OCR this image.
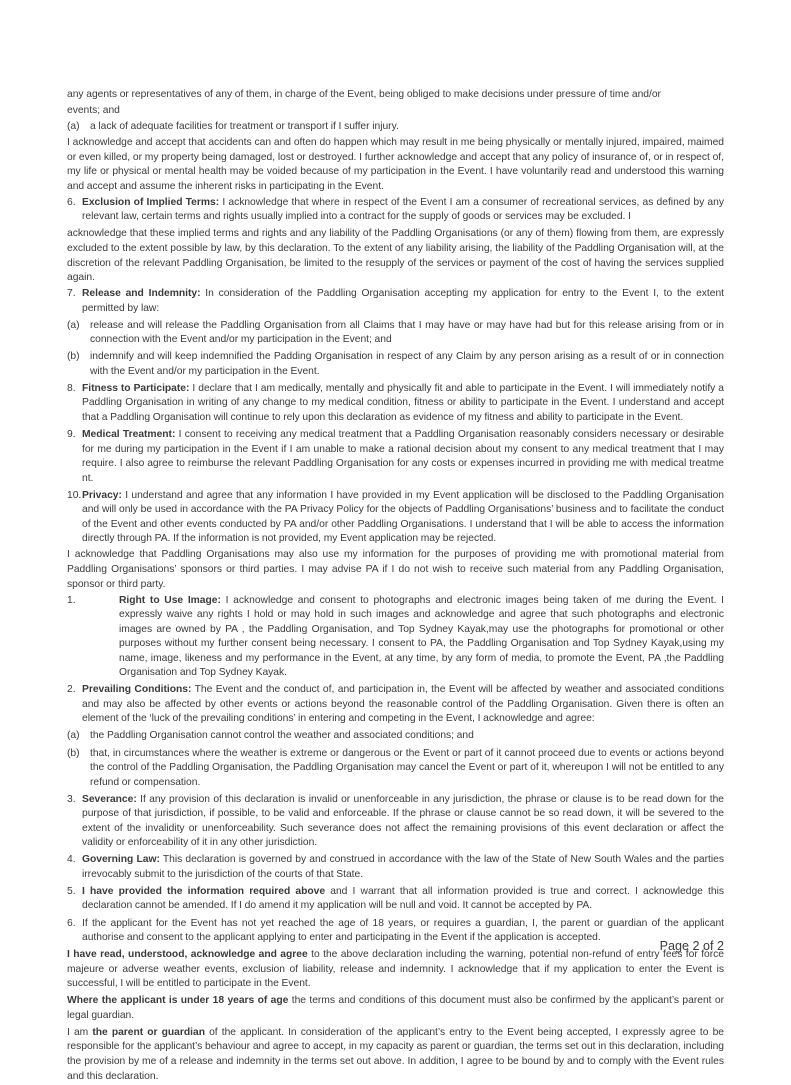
any agents or representatives of any of them, in charge of the Event, being obliged to make decisions under pressure of time and/or

events; and

(a)	a lack of adequate facilities for treatment or transport if I suffer injury.

I acknowledge and accept that accidents can and often do happen which may result in me being physically or mentally injured, impaired, maimed or even killed, or my property being damaged, lost or destroyed. I further acknowledge and accept that any policy of insurance of, or in respect of, my life or physical or mental health may be voided because of my participation in the Event. I have voluntarily read and understood this warning and accept and assume the inherent risks in participating in the Event.

6. Exclusion of Implied Terms: I acknowledge that where in respect of the Event I am a consumer of recreational services, as defined by any relevant law, certain terms and rights usually implied into a contract for the supply of goods or services may be excluded. I

acknowledge that these implied terms and rights and any liability of the Paddling Organisations (or any of them) flowing from them, are expressly excluded to the extent possible by law, by this declaration. To the extent of any liability arising, the liability of the Paddling Organisation will, at the discretion of the relevant Paddling Organisation, be limited to the resupply of the services or payment of the cost of having the services supplied again.

7. Release and Indemnity: In consideration of the Paddling Organisation accepting my application for entry to the Event I, to the extent permitted by law:

(a)	release and will release the Paddling Organisation from all Claims that I may have or may have had but for this release arising from or in connection with the Event and/or my participation in the Event; and

(b)	indemnify and will keep indemnified the Padding Organisation in respect of any Claim by any person arising as a result of or in connection with the Event and/or my participation in the Event.

8. Fitness to Participate: I declare that I am medically, mentally and physically fit and able to participate in the Event. I will immediately notify a Paddling Organisation in writing of any change to my medical condition, fitness or ability to participate in the Event. I understand and accept that a Paddling Organisation will continue to rely upon this declaration as evidence of my fitness and ability to participate in the Event.

9. Medical Treatment: I consent to receiving any medical treatment that a Paddling Organisation reasonably considers necessary or desirable for me during my participation in the Event if I am unable to make a rational decision about my consent to any medical treatment that I may require. I also agree to reimburse the relevant Paddling Organisation for any costs or expenses incurred in providing me with medical treatme nt.

10. Privacy: I understand and agree that any information I have provided in my Event application will be disclosed to the Paddling Organisation and will only be used in accordance with the PA Privacy Policy for the objects of Paddling Organisations’ business and to facilitate the conduct of the Event and other events conducted by PA and/or other Paddling Organisations. I understand that I will be able to access the information directly through PA. If the information is not provided, my Event application may be rejected.

I acknowledge that Paddling Organisations may also use my information for the purposes of providing me with promotional material from Paddling Organisations’ sponsors or third parties. I may advise PA if I do not wish to receive such material from any Paddling Organisation, sponsor or third party.

1.	Right to Use Image: I acknowledge and consent to photographs and electronic images being taken of me during the Event. I expressly waive any rights I hold or may hold in such images and acknowledge and agree that such photographs and electronic images are owned by PA , the Paddling Organisation, and Top Sydney Kayak,may use the photographs for promotional or other purposes without my further consent being necessary. I consent to PA, the Paddling Organisation and Top Sydney Kayak,using my name, image, likeness and my performance in the Event, at any time, by any form of media, to promote the Event, PA ,the Paddling Organisation and Top Sydney Kayak.

2. Prevailing Conditions: The Event and the conduct of, and participation in, the Event will be affected by weather and associated conditions and may also be affected by other events or actions beyond the reasonable control of the Paddling Organisation. Given there is often an element of the ‘luck of the prevailing conditions’ in entering and competing in the Event, I acknowledge and agree:

(a)	the Paddling Organisation cannot control the weather and associated conditions; and

(b)	that, in circumstances where the weather is extreme or dangerous or the Event or part of it cannot proceed due to events or actions beyond the control of the Paddling Organisation, the Paddling Organisation may cancel the Event or part of it, whereupon I will not be entitled to any refund or compensation.

3. Severance: If any provision of this declaration is invalid or unenforceable in any jurisdiction, the phrase or clause is to be read down for the purpose of that jurisdiction, if possible, to be valid and enforceable. If the phrase or clause cannot be so read down, it will be severed to the extent of the invalidity or unenforceability. Such severance does not affect the remaining provisions of this event declaration or affect the validity or enforceability of it in any other jurisdiction.

4. Governing Law: This declaration is governed by and construed in accordance with the law of the State of New South Wales and the parties irrevocably submit to the jurisdiction of the courts of that State.

5. I have provided the information required above and I warrant that all information provided is true and correct. I acknowledge this declaration cannot be amended. If I do amend it my application will be null and void. It cannot be accepted by PA.

6. If the applicant for the Event has not yet reached the age of 18 years, or requires a guardian, I, the parent or guardian of the applicant authorise and consent to the applicant applying to enter and participating in the Event if the application is accepted.

I have read, understood, acknowledge and agree to the above declaration including the warning, potential non-refund of entry fees for force majeure or adverse weather events, exclusion of liability, release and indemnity. I acknowledge that if my application to enter the Event is successful, I will be entitled to participate in the Event.

Where the applicant is under 18 years of age the terms and conditions of this document must also be confirmed by the applicant’s parent or legal guardian.

I am the parent or guardian of the applicant. In consideration of the applicant’s entry to the Event being accepted, I expressly agree to be responsible for the applicant’s behaviour and agree to accept, in my capacity as parent or guardian, the terms set out in this declaration, including the provision by me of a release and indemnity in the terms set out above. In addition, I agree to be bound by and to comply with the Event rules and this declaration.

Page 2 of 2
